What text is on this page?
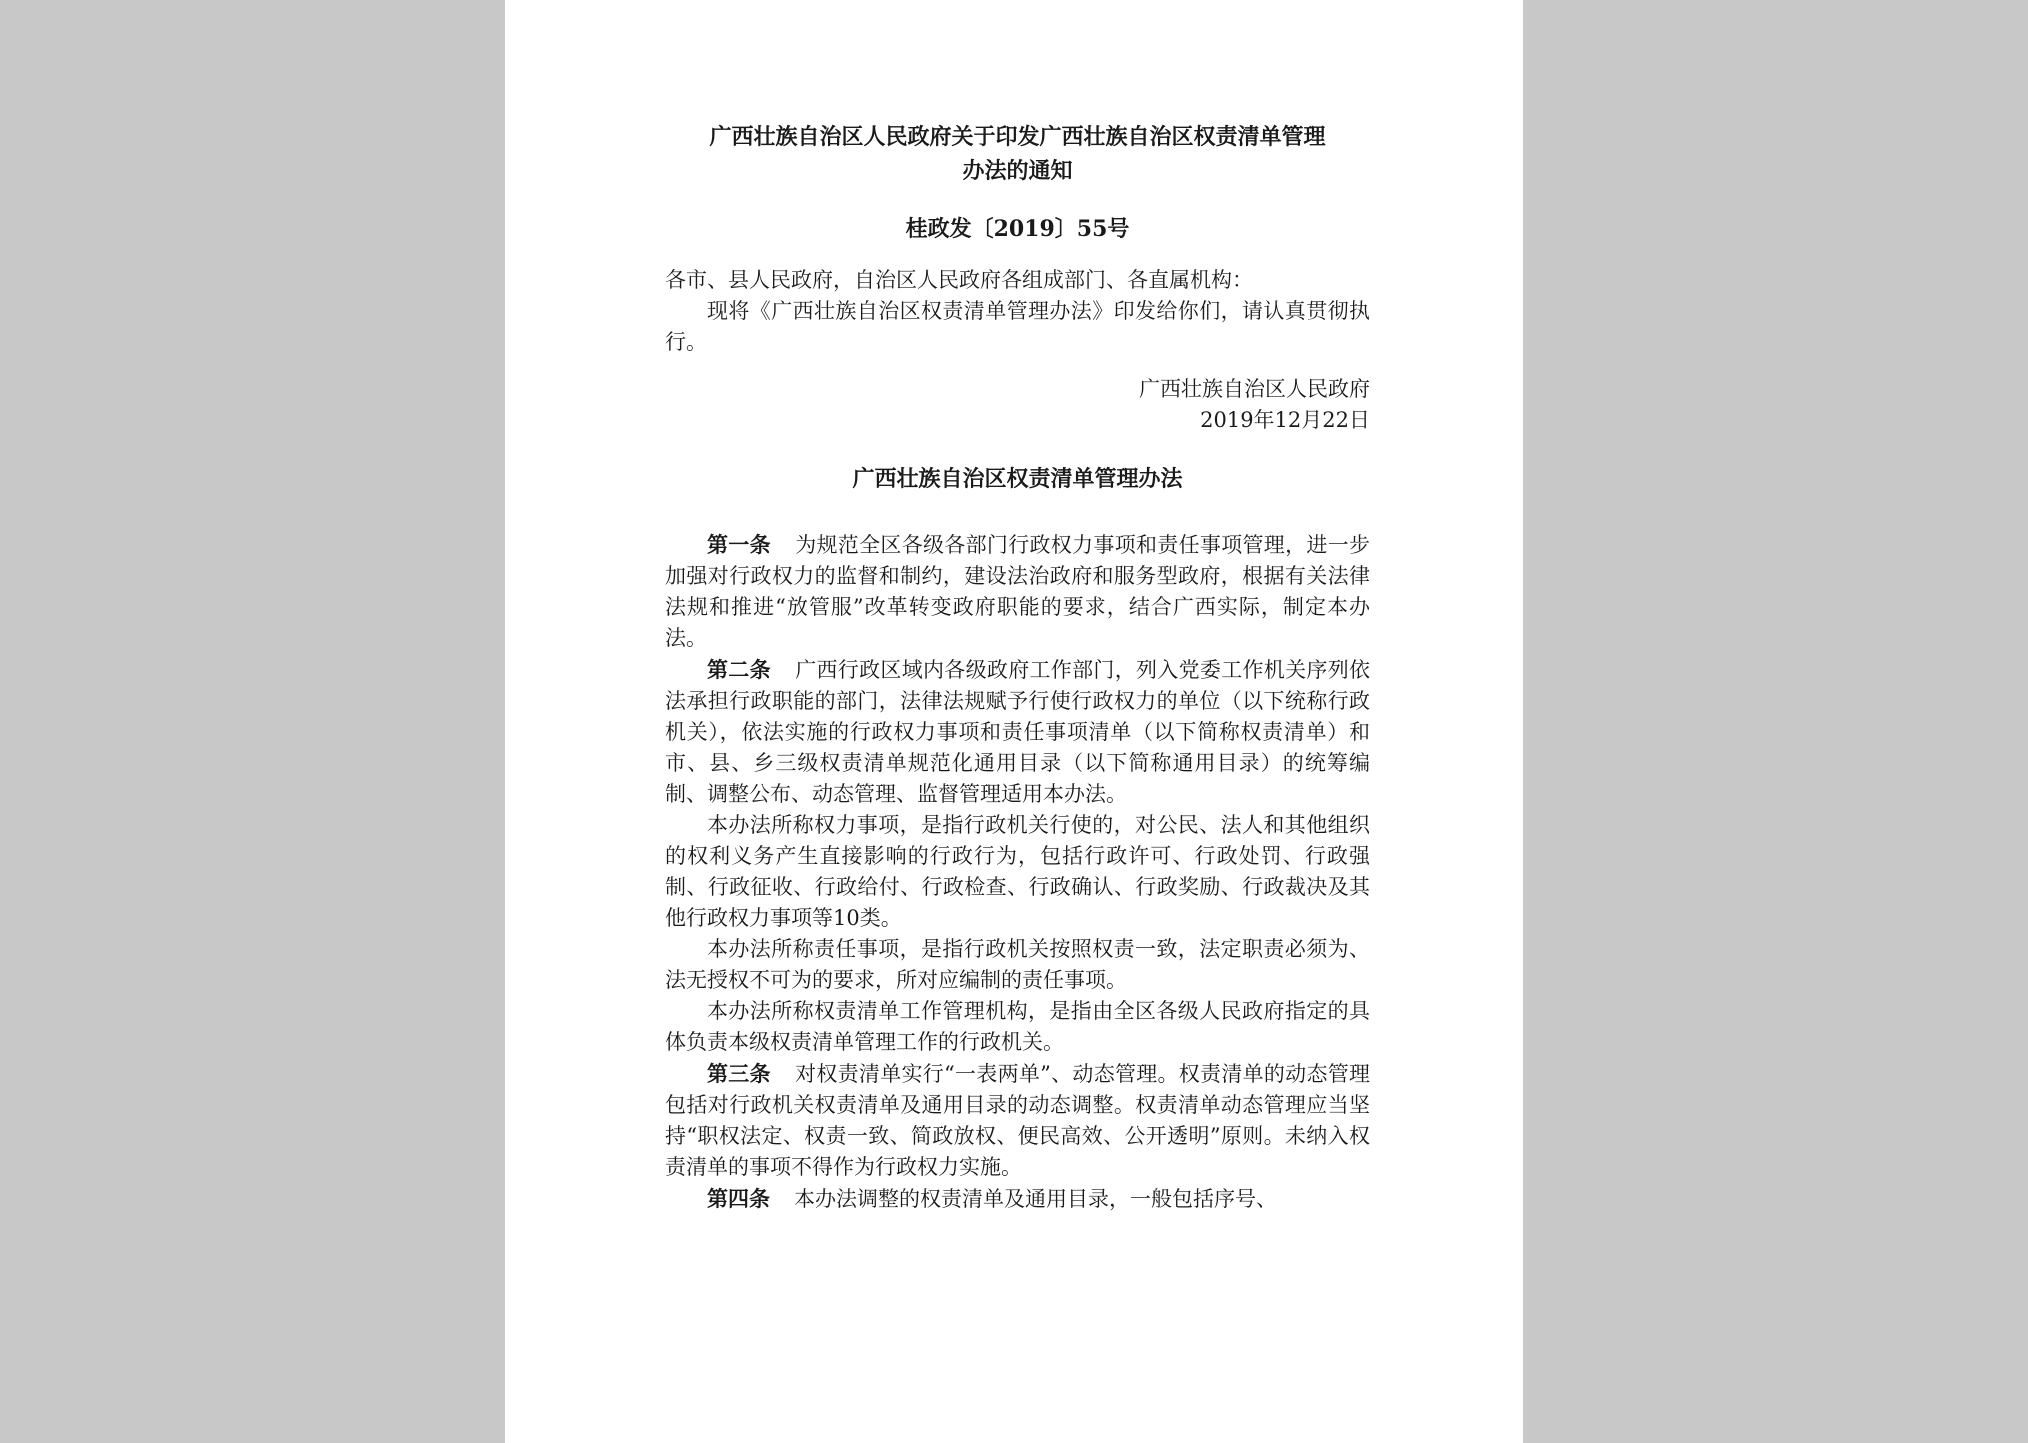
广西壮族自治区人民政府关于印发广西壮族自治区权责清单管理
办法的通知

桂政发〔2019〕55号

各市、县人民政府，自治区人民政府各组成部门、各直属机构：

现将《广西壮族自治区权责清单管理办法》印发给你们，请认真贯彻执行。

广西壮族自治区人民政府

2019年12月22日

广西壮族自治区权责清单管理办法

第一条 为规范全区各级各部门行政权力事项和责任事项管理，进一步加强对行政权力的监督和制约，建设法治政府和服务型政府，根据有关法律法规和推进“放管服”改革转变政府职能的要求，结合广西实际，制定本办法。

第二条 广西行政区域内各级政府工作部门，列入党委工作机关序列依法承担行政职能的部门，法律法规赋予行使行政权力的单位（以下统称行政机关），依法实施的行政权力事项和责任事项清单（以下简称权责清单）和市、县、乡三级权责清单规范化通用目录（以下简称通用目录）的统筹编制、调整公布、动态管理、监督管理适用本办法。

本办法所称权力事项，是指行政机关行使的，对公民、法人和其他组织的权利义务产生直接影响的行政行为，包括行政许可、行政处罚、行政强制、行政征收、行政给付、行政检查、行政确认、行政奖励、行政裁决及其他行政权力事项等10类。

本办法所称责任事项，是指行政机关按照权责一致，法定职责必须为、法无授权不可为的要求，所对应编制的责任事项。

本办法所称权责清单工作管理机构，是指由全区各级人民政府指定的具体负责本级权责清单管理工作的行政机关。

第三条 对权责清单实行“一表两单”、动态管理。权责清单的动态管理包括对行政机关权责清单及通用目录的动态调整。权责清单动态管理应当坚持“职权法定、权责一致、简政放权、便民高效、公开透明”原则。未纳入权责清单的事项不得作为行政权力实施。

第四条 本办法调整的权责清单及通用目录，一般包括序号、
